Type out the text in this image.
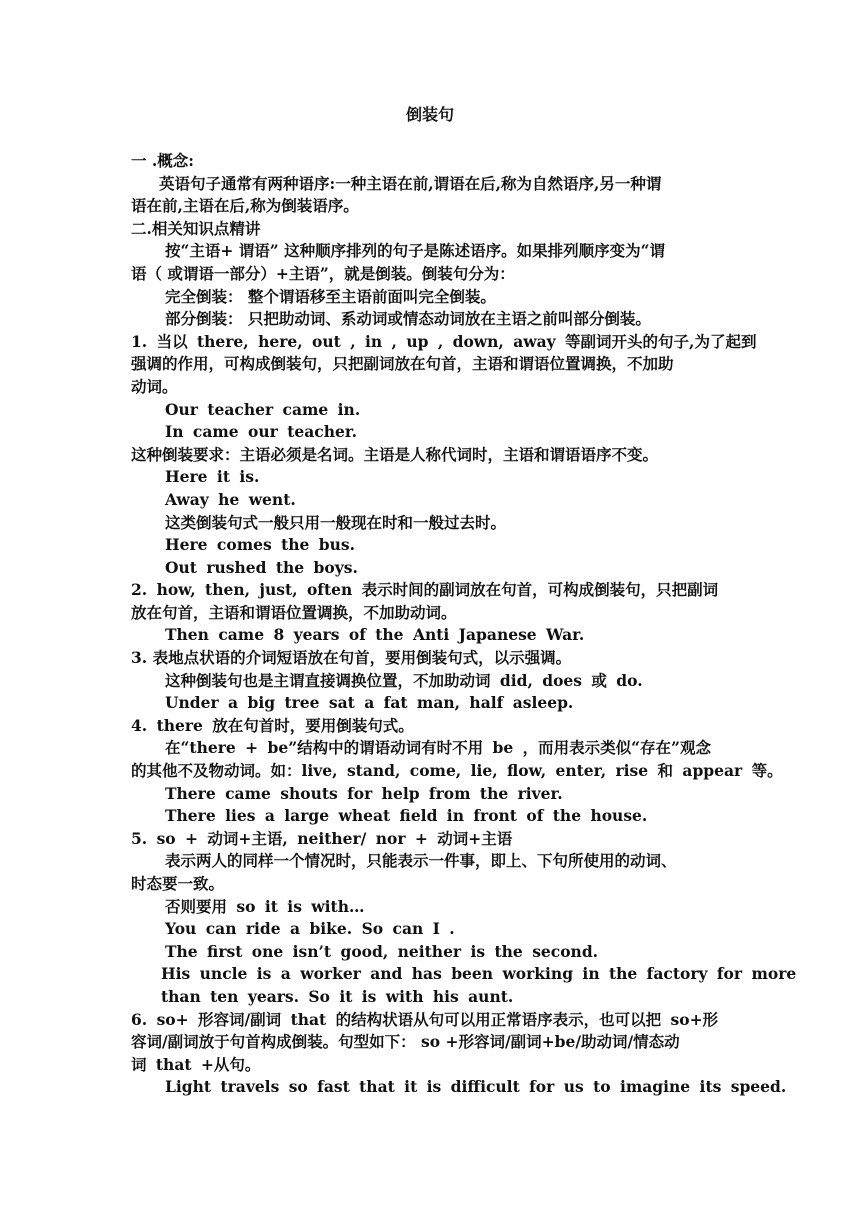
倒装句
一 .概念:
英语句子通常有两种语序:一种主语在前,谓语在后,称为自然语序,另一种谓
语在前,主语在后,称为倒装语序。
二.相关知识点精讲
按“主语+ 谓语” 这种顺序排列的句子是陈述语序。如果排列顺序变为“谓
语（ 或谓语一部分）+主语”，就是倒装。倒装句分为：
完全倒装： 整个谓语移至主语前面叫完全倒装。
部分倒装： 只把助动词、系动词或情态动词放在主语之前叫部分倒装。
1. 当以 there, here, out , in , up , down, away 等副词开头的句子,为了起到
强调的作用，可构成倒装句，只把副词放在句首，主语和谓语位置调换，不加助
动词。
Our teacher came in.
In came our teacher.
这种倒装要求：主语必须是名词。主语是人称代词时，主语和谓语语序不变。
Here it is.
Away he went.
这类倒装句式一般只用一般现在时和一般过去时。
Here comes the bus.
Out rushed the boys.
2. how, then, just, often 表示时间的副词放在句首，可构成倒装句，只把副词
放在句首，主语和谓语位置调换，不加助动词。
Then came 8 years of the Anti Japanese War.
3. 表地点状语的介词短语放在句首，要用倒装句式，以示强调。
这种倒装句也是主谓直接调换位置，不加助动词 did, does 或 do.
Under a big tree sat a fat man, half asleep.
4. there 放在句首时，要用倒装句式。
在“there + be”结构中的谓语动词有时不用 be ，而用表示类似“存在”观念
的其他不及物动词。如：live, stand, come, lie, flow, enter, rise 和 appear 等。
There came shouts for help from the river.
There lies a large wheat field in front of the house.
5. so + 动词+主语, neither/ nor + 动词+主语
表示两人的同样一个情况时，只能表示一件事，即上、下句所使用的动词、
时态要一致。
否则要用 so it is with…
You can ride a bike. So can I .
The first one isn’t good, neither is the second.
His uncle is a worker and has been working in the factory for more
than ten years. So it is with his aunt.
6. so+ 形容词/副词 that 的结构状语从句可以用正常语序表示，也可以把 so+形
容词/副词放于句首构成倒装。句型如下： so +形容词/副词+be/助动词/情态动
词 that +从句。
Light travels so fast that it is difficult for us to imagine its speed.
